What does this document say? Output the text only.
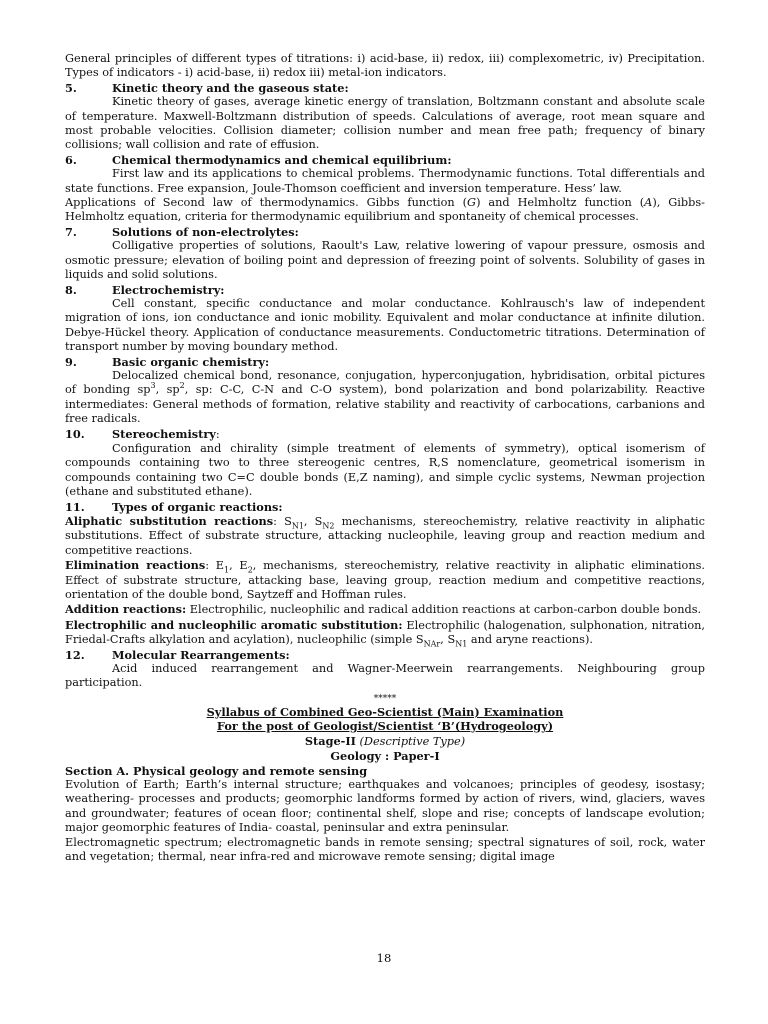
General principles of different types of titrations: i) acid-base, ii) redox, iii) complexometric, iv) Precipitation. Types of indicators - i) acid-base, ii) redox iii) metal-ion indicators.

5.	Kinetic theory and the gaseous state:

Kinetic theory of gases, average kinetic energy of translation, Boltzmann constant and absolute scale of temperature. Maxwell-Boltzmann distribution of speeds. Calculations of average, root mean square and most probable velocities. Collision diameter; collision number and mean free path; frequency of binary collisions; wall collision and rate of effusion.

6.	Chemical thermodynamics and chemical equilibrium:

First law and its applications to chemical problems. Thermodynamic functions. Total differentials and state functions. Free expansion, Joule-Thomson coefficient and inversion temperature. Hess’ law.

Applications of Second law of thermodynamics. Gibbs function (G) and Helmholtz function (A), Gibbs-Helmholtz equation, criteria for thermodynamic equilibrium and spontaneity of chemical processes.

7.	Solutions of non-electrolytes:

Colligative properties of solutions, Raoult's Law, relative lowering of vapour pressure, osmosis and osmotic pressure; elevation of boiling point and depression of freezing point of solvents. Solubility of gases in liquids and solid solutions.

8.	Electrochemistry:

Cell constant, specific conductance and molar conductance. Kohlrausch's law of independent migration of ions, ion conductance and ionic mobility. Equivalent and molar conductance at infinite dilution. Debye-Hückel theory. Application of conductance measurements. Conductometric titrations. Determination of transport number by moving boundary method.

9.	Basic organic chemistry:

Delocalized chemical bond, resonance, conjugation, hyperconjugation, hybridisation, orbital pictures of bonding $sp^3$, $sp^2$, sp: C-C, C-N and C-O system), bond polarization and bond polarizability. Reactive intermediates: General methods of formation, relative stability and reactivity of carbocations, carbanions and free radicals.

10.	Stereochemistry:

Configuration and chirality (simple treatment of elements of symmetry), optical isomerism of compounds containing two to three stereogenic centres, R,S nomenclature, geometrical isomerism in compounds containing two C=C double bonds (E,Z naming), and simple cyclic systems, Newman projection (ethane and substituted ethane).

11.	Types of organic reactions:

Aliphatic substitution reactions: $S_{N1}$, $S_{N2}$ mechanisms, stereochemistry, relative reactivity in aliphatic substitutions. Effect of substrate structure, attacking nucleophile, leaving group and reaction medium and competitive reactions.

Elimination reactions: $E_1$, $E_2$, mechanisms, stereochemistry, relative reactivity in aliphatic eliminations. Effect of substrate structure, attacking base, leaving group, reaction medium and competitive reactions, orientation of the double bond, Saytzeff and Hoffman rules.

Addition reactions: Electrophilic, nucleophilic and radical addition reactions at carbon-carbon double bonds.

Electrophilic and nucleophilic aromatic substitution: Electrophilic (halogenation, sulphonation, nitration, Friedal-Crafts alkylation and acylation), nucleophilic (simple $S_{NAr}$, $S_{N1}$ and aryne reactions).

12.	Molecular Rearrangements:

Acid induced rearrangement and Wagner-Meerwein rearrangements. Neighbouring group participation.

*****
Syllabus of Combined Geo-Scientist (Main) Examination
For the post of Geologist/Scientist ‘B’(Hydrogeology)
Stage-II (Descriptive Type)
Geology : Paper-I
Section A. Physical geology and remote sensing

Evolution of Earth; Earth’s internal structure; earthquakes and volcanoes; principles of geodesy, isostasy; weathering- processes and products; geomorphic landforms formed by action of rivers, wind, glaciers, waves and groundwater; features of ocean floor; continental shelf, slope and rise; concepts of landscape evolution; major geomorphic features of India- coastal, peninsular and extra peninsular.

Electromagnetic spectrum; electromagnetic bands in remote sensing; spectral signatures of soil, rock, water and vegetation; thermal, near infra-red and microwave remote sensing; digital image

18
